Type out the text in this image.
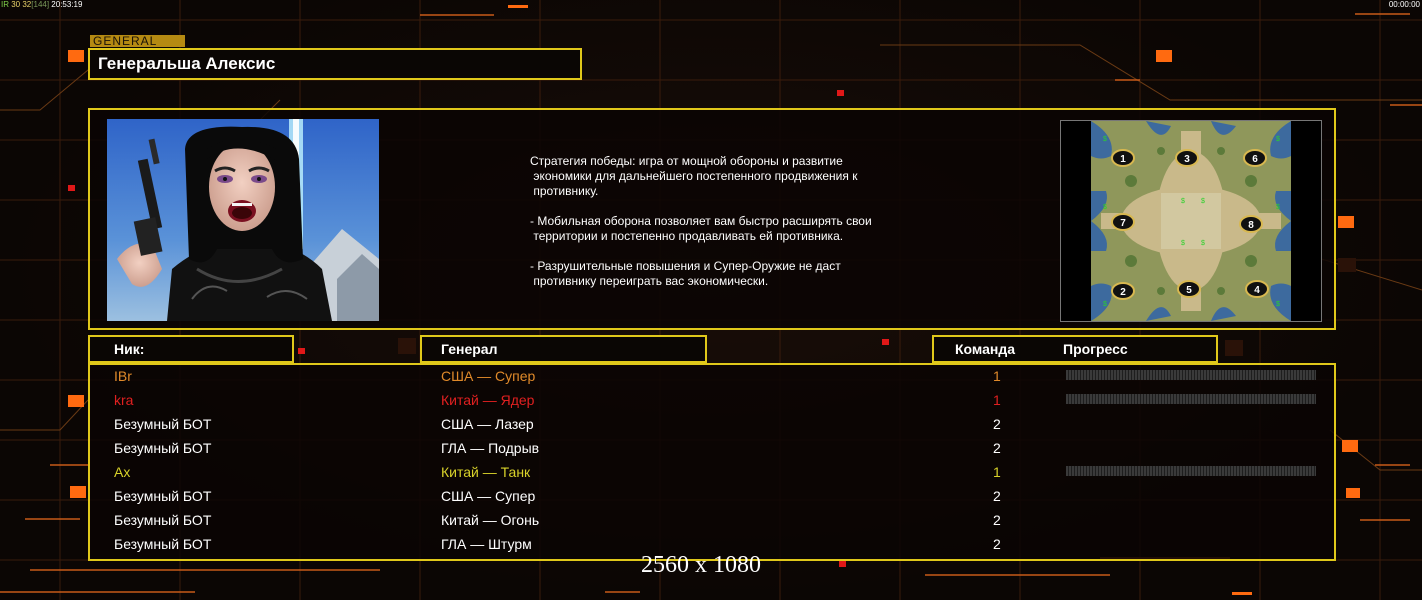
IR 30 32[144] 20:53:19	00:00:00
GENERAL
Генеральша Алексис
Стратегия победы: игра от мощной обороны и развитие
экономики для дальнейшего постепенного продвижения к
противнику.

- Мобильная оборона позволяет вам быстро расширять свои
территории и постепенно продавливать ей противника.

- Разрушительные повышения и Супер-Оружие не даст
противнику переиграть вас экономически.
$	$
$	$
$	$
$ $
$ $
1	3	6
7	8
2	5	4
Ник:	Генерал	Команда	Прогресс
IBr	США — Супер	1
kra	Китай — Ядер	1
Безумный БОТ	США — Лазер	2
Безумный БОТ	ГЛА — Подрыв	2
Ax	Китай — Танк	1
Безумный БОТ	США — Супер	2
Безумный БОТ	Китай — Огонь	2
Безумный БОТ	ГЛА — Штурм	2
2560 x 1080
